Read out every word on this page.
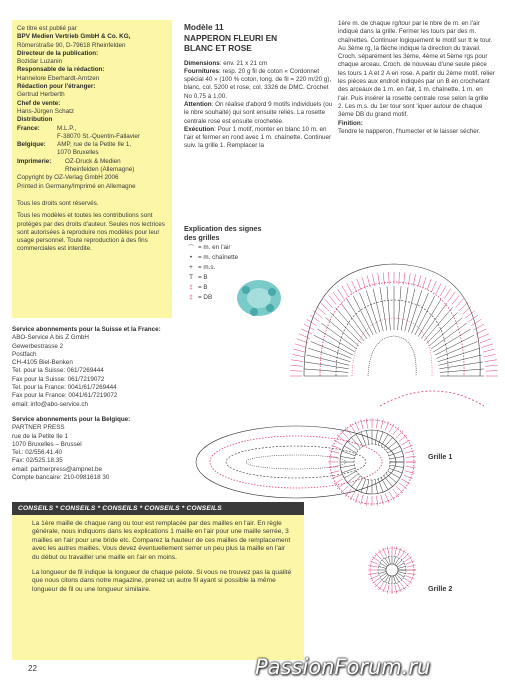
Ce titre est publié par
BPV Medien Vertrieb GmbH & Co. KG,
Römerstraße 90, D-79618 Rheinfelden
Directeur de la publication:
Bozidar Luzanin
Responsable de la rédaction:
Hannelore Eberhardt-Arntzen
Rédaction pour l'étranger:
Gertrud Herberth
Chef de vente:
Hans-Jürgen Schatz
Distribution
France:	M.L.P.,
F-38070 St.-Quentin-Fallavier
Belgique:	AMP, rue de la Petite Ile 1,
1070 Bruxelles
Imprimerie:	OZ-Druck & Medien
Rheinfelden (Allemagne)
Copyright by OZ-Verlag GmbH 2006
Printed in Germany/Imprimé en Allemagne

Tous les droits sont réservés.

Tous les modèles et toutes les contributions sont protégés par des droits d'auteur. Seules nos lectrices sont autorisées à reproduire nos modèles pour leur usage personnel. Toute reproduction à des fins commerciales est interdite.

Service abonnements pour la Suisse et la France:
ABO-Service A bis Z GmbH
Gewerbestrasse 2
Postfach
CH-4105 Biel-Benken
Tel. pour la Suisse: 061/7269444
Fax pour la Suisse: 061/7219072
Tel. pour la France: 0041/61/7269444
Fax pour la France: 0041/61/7219072
email: info@abo-service.ch
Service abonnements pour la Belgique:
PARTNER PRESS
rue de la Petite Ile 1
1070 Bruxelles – Brussel
Tel.: 02/556.41.40
Fax: 02/525.18.35
email: partnerpress@ampnet.be
Compte bancaire: 210-0981618 30
CONSEILS * CONSEILS * CONSEILS * CONSEILS * CONSEILS

La 1ère maille de chaque rang ou tour est remplacée par des mailles en l'air. En règle générale, nous indiquons dans les explications 1 maille en l'air pour une maille serrée, 3 mailles en l'air pour une bride etc. Comparez la hauteur de ces mailles de remplacement avec les autres mailles. Vous devez éventuellement serrer un peu plus la maille en l'air du début ou travailler une maille en l'air en moins.

La longueur de fil indique la longueur de chaque pelote. Si vous ne trouvez pas la qualité que nous citons dans notre magazine, prenez un autre fil ayant si possible la même longueur de fil ou une longueur similaire.

22
Modèle 11
NAPPERON FLEURI EN
BLANC ET ROSE
Dimensions: env. 21 x 21 cm
Fournitures: resp. 20 g fil de coton « Cordonnet spécial 40 » (100 % coton, long. de fil = 220 m/20 g), blanc, col. 5200 et rose, col. 3326 de DMC. Crochet No 0,75 à 1,00.
Attention: On réalise d'abord 9 motifs individuels (ou le nbre souhaité) qui sont ensuite reliés. La rosette centrale rose est ensuite crochetée.
Exécution: Pour 1 motif, monter en blanc 10 m. en l'air et fermer en rond avec 1 m. chaînette. Continuer suiv. la grille 1. Remplacer la
1ère m. de chaque rg/tour par le nbre de m. en l'air indiqué dans la grille. Fermer les tours par des m. chaînettes. Continuer logiquement le motif sur tt le tour. Au 3ème rg, la flèche indique la direction du travail. Croch. séparément les 3ème, 4ème et 5ème rgs pour chaque arceau. Croch. de nouveau d'une seule pièce les tours 1 A et 2 A en rose. A partir du 2ème motif, relier les pièces aux endroit indiqués par un B en crochetant des arceaux de 1 m. en l'air, 1 m. chaînette, 1 m. en l'air. Puis insérer la rosette centrale rose selon la grille 2. Les m.s. du 1er tour sont 'iquer autour de chaque 3ème DB du grand motif.
Finition:
Tendre le napperon, l'humecter et le laisser sécher.
Explication des signes
des grilles
⌒ = m. en l'air
• = m. chaînette
+ = m.s.
T = B
‡ = B
‡ = DB
Grille 1
Grille 2
PassionForum.ru
